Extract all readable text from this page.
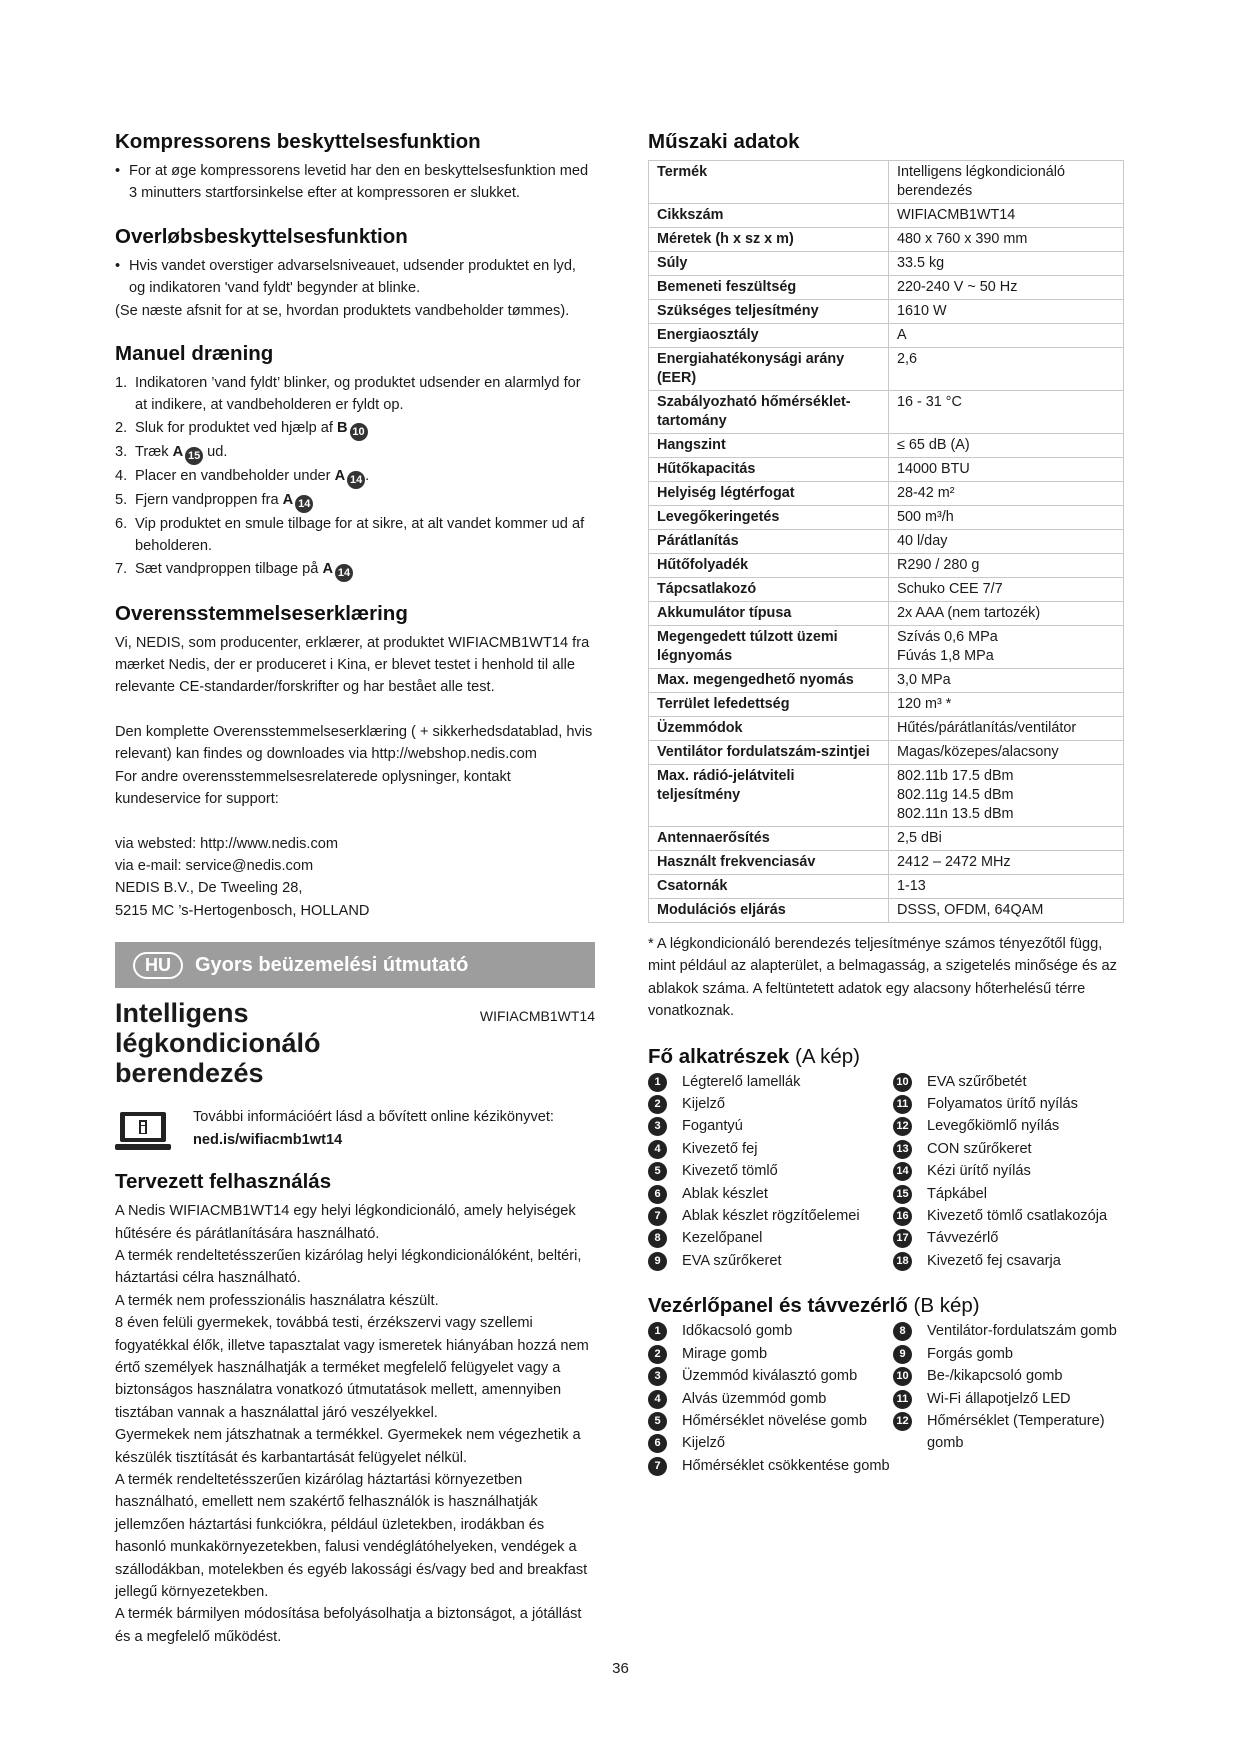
Kompressorens beskyttelsesfunktion
• For at øge kompressorens levetid har den en beskyttelsesfunktion med 3 minutters startforsinkelse efter at kompressoren er slukket.
Overløbsbeskyttelsesfunktion
• Hvis vandet overstiger advarselsniveauet, udsender produktet en lyd, og indikatoren 'vand fyldt' begynder at blinke.

(Se næste afsnit for at se, hvordan produktets vandbeholder tømmes).

Manuel dræning
1. Indikatoren ’vand fyldt’ blinker, og produktet udsender en alarmlyd for at indikere, at vandbeholderen er fyldt op.
2. Sluk for produktet ved hjælp af B 10
3. Træk A 15 ud.
4. Placer en vandbeholder under A 14 .
5. Fjern vandproppen fra A 14
6. Vip produktet en smule tilbage for at sikre, at alt vandet kommer ud af beholderen.
7. Sæt vandproppen tilbage på A 14
Overensstemmelseserklæring

Vi, NEDIS, som producenter, erklærer, at produktet WIFIACMB1WT14 fra mærket Nedis, der er produceret i Kina, er blevet testet i henhold til alle relevante CE-standarder/forskrifter og har bestået alle test.

Den komplette Overensstemmelseserklæring ( + sikkerhedsdatablad, hvis relevant) kan findes og downloades via http://webshop.nedis.com

For andre overensstemmelsesrelaterede oplysninger, kontakt kundeservice for support:

via websted: http://www.nedis.com

via e-mail: service@nedis.com

NEDIS B.V., De Tweeling 28,

5215 MC ’s-Hertogenbosch, HOLLAND

HU	Gyors beüzemelési útmutató
Intelligens légkondicionáló berendezés
WIFIACMB1WT14

További információért lásd a bővített online kézikönyvet:

ned.is/wifiacmb1wt14

Tervezett felhasználás

A Nedis WIFIACMB1WT14 egy helyi légkondicionáló, amely helyiségek hűtésére és párátlanítására használható.

A termék rendeltetésszerűen kizárólag helyi légkondicionálóként, beltéri, háztartási célra használható.

A termék nem professzionális használatra készült.

8 éven felüli gyermekek, továbbá testi, érzékszervi vagy szellemi fogyatékkal élők, illetve tapasztalat vagy ismeretek hiányában hozzá nem értő személyek használhatják a terméket megfelelő felügyelet vagy a biztonságos használatra vonatkozó útmutatások mellett, amennyiben tisztában vannak a használattal járó veszélyekkel.

Gyermekek nem játszhatnak a termékkel. Gyermekek nem végezhetik a készülék tisztítását és karbantartását felügyelet nélkül.

A termék rendeltetésszerűen kizárólag háztartási környezetben használható, emellett nem szakértő felhasználók is használhatják jellemzően háztartási funkciókra, például üzletekben, irodákban és hasonló munkakörnyezetekben, falusi vendéglátóhelyeken, vendégek a szállodákban, motelekben és egyéb lakossági és/vagy bed and breakfast jellegű környezetekben.

A termék bármilyen módosítása befolyásolhatja a biztonságot, a jótállást és a megfelelő működést.

Műszaki adatok
Termék	Intelligens légkondicionáló
berendezés

Cikkszám	WIFIACMB1WT14

Méretek (h x sz x m)	480 x 760 x 390 mm

Súly	33.5 kg

Bemeneti feszültség	220-240 V ~ 50 Hz

Szükséges teljesítmény	1610 W

Energiaosztály	A

Energiahatékonysági arány (EER)	2,6

Szabályozható hőmérséklet-tartomány	16 - 31 °C

Hangszint	≤ 65 dB (A)

Hűtőkapacitás	14000 BTU

Helyiség légtérfogat	28-42 m²

Levegőkeringetés	500 m³/h

Párátlanítás	40 l/day

Hűtőfolyadék	R290 / 280 g

Tápcsatlakozó	Schuko CEE 7/7

Akkumulátor típusa	2x AAA (nem tartozék)

Megengedett túlzott üzemi légnyomás	Szívás 0,6 MPa
Fúvás 1,8 MPa

Max. megengedhető nyomás	3,0 MPa

Terrület lefedettség	120 m³ *

Üzemmódok	Hűtés/párátlanítás/ventilátor

Ventilátor fordulatszám-szintjei	Magas/közepes/alacsony

Max. rádió-jelátviteli teljesítmény	802.11b 17.5 dBm
802.11g 14.5 dBm
802.11n 13.5 dBm

Antennaerősítés	2,5 dBi

Használt frekvenciasáv	2412 – 2472 MHz

Csatornák	1-13

Modulációs eljárás	DSSS, OFDM, 64QAM

* A légkondicionáló berendezés teljesítménye számos tényezőtől függ, mint például az alapterület, a belmagasság, a szigetelés minősége és az ablakok száma. A feltüntetett adatok egy alacsony hőterhelésű térre vonatkoznak.

Fő alkatrészek (A kép)
1	Légterelő lamellák
2	Kijelző
3	Fogantyú
4	Kivezető fej
5	Kivezető tömlő
6	Ablak készlet
7	Ablak készlet rögzítőelemei
8	Kezelőpanel
9	EVA szűrőkeret
10 EVA szűrőbetét
11 Folyamatos ürítő nyílás
12 Levegőkiömlő nyílás
13 CON szűrőkeret
14 Kézi ürítő nyílás
15 Tápkábel
16 Kivezető tömlő csatlakozója
17 Távvezérlő
18 Kivezető fej csavarja
Vezérlőpanel és távvezérlő (B kép)
1	Időkacsoló gomb
2	Mirage gomb
3	Üzemmód kiválasztó gomb
4	Alvás üzemmód gomb
5	Hőmérséklet növelése gomb
6	Kijelző
7	Hőmérséklet csökkentése gomb
8	Ventilátor-fordulatszám gomb
9	Forgás gomb
10 Be-/kikapcsoló gomb
11 Wi-Fi állapotjelző LED
12 Hőmérséklet (Temperature) gomb
36
